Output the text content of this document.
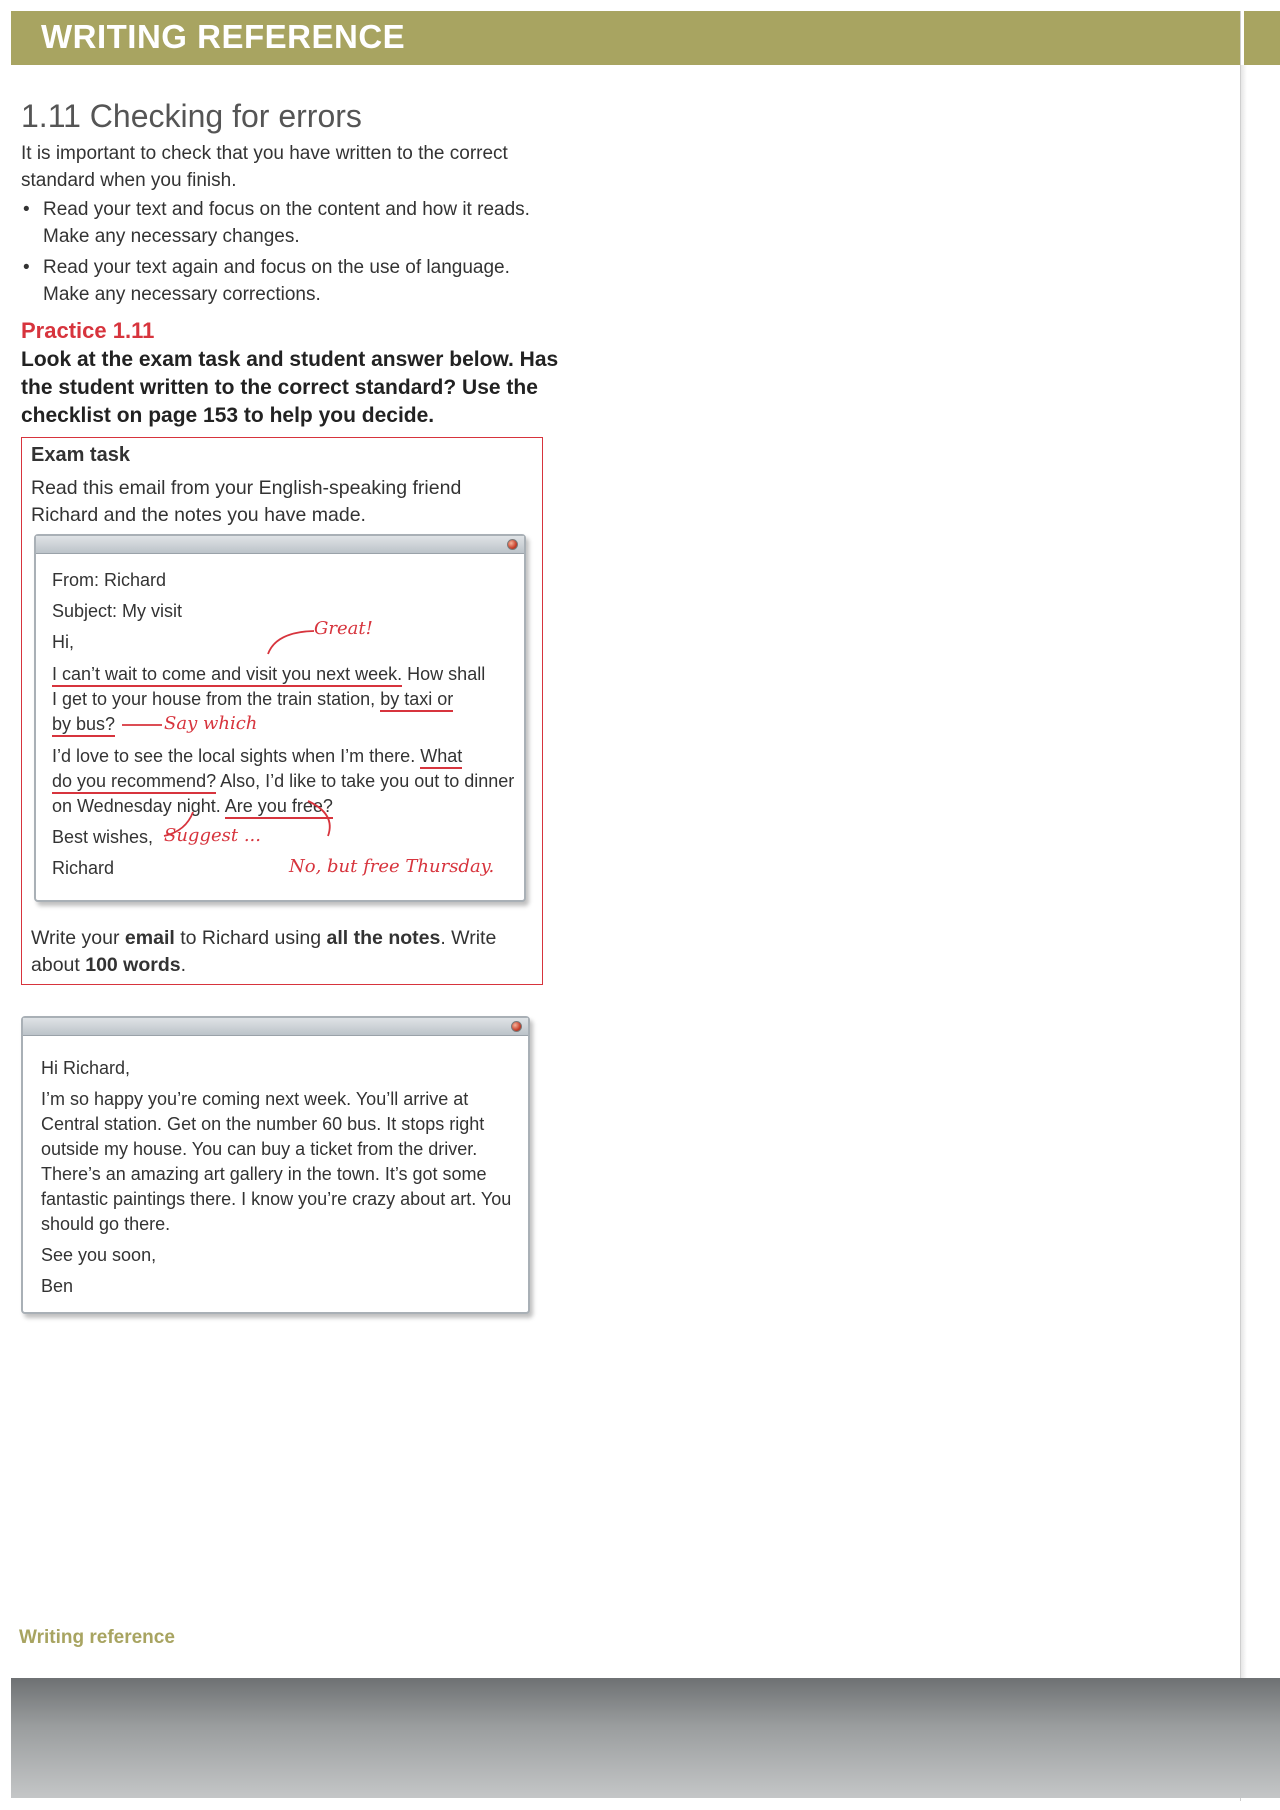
WRITING REFERENCE
1.11 Checking for errors
It is important to check that you have written to the correct standard when you finish.
• Read your text and focus on the content and how it reads. Make any necessary changes.
• Read your text again and focus on the use of language. Make any necessary corrections.
Practice 1.11
Look at the exam task and student answer below. Has the student written to the correct standard? Use the checklist on page 153 to help you decide.
Exam task
Read this email from your English-speaking friend Richard and the notes you have made.
From: Richard
Subject: My visit
Hi,
I can’t wait to come and visit you next week. How shall
I get to your house from the train station, by taxi or
by bus?
I’d love to see the local sights when I’m there. What
do you recommend? Also, I’d like to take you out to dinner
on Wednesday night. Are you free?
Best wishes,
Richard
Great!
Say which
Suggest ...
No, but free Thursday.
Write your email to Richard using all the notes. Write about 100 words.
Hi Richard,
I’m so happy you’re coming next week. You’ll arrive at
Central station. Get on the number 60 bus. It stops right
outside my house. You can buy a ticket from the driver.
There’s an amazing art gallery in the town. It’s got some
fantastic paintings there. I know you’re crazy about art. You
should go there.
See you soon,
Ben
Writing reference
